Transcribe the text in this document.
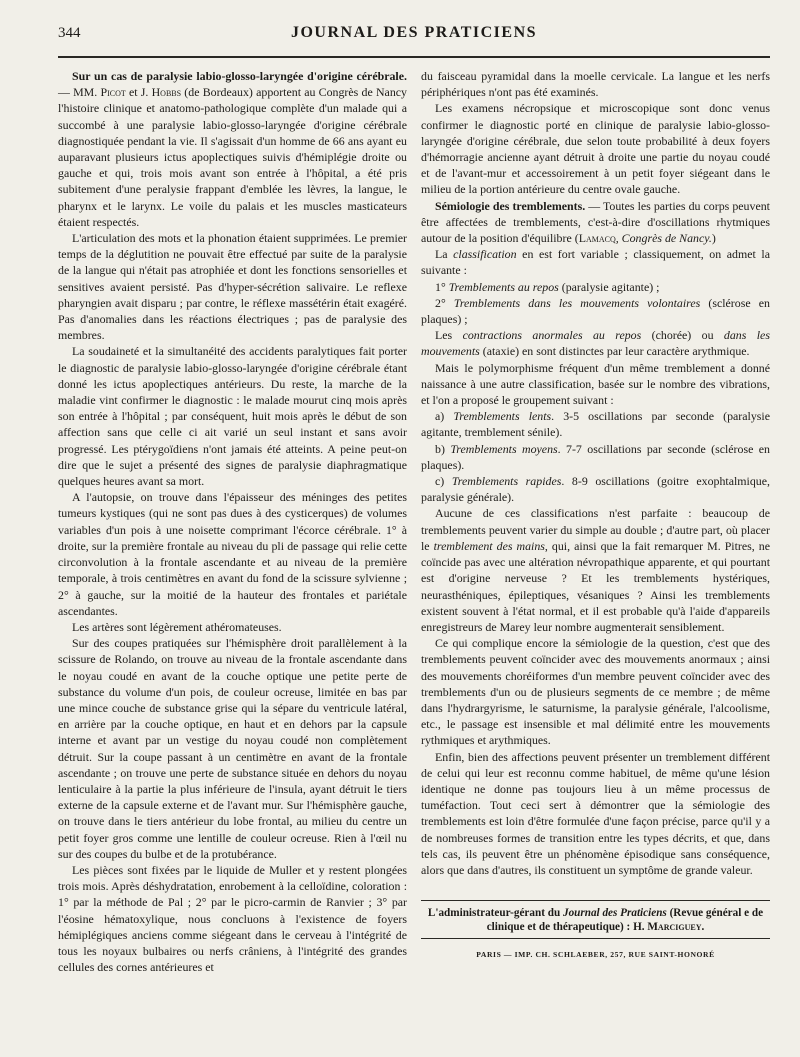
344	JOURNAL DES PRATICIENS

Sur un cas de paralysie labio-glosso-laryngée d'origine cérébrale. — MM. Picot et J. Hobbs (de Bordeaux) apportent au Congrès de Nancy l'histoire clinique et anatomo-pathologique complète d'un malade qui a succombé à une paralysie labio-glosso-laryngée d'origine cérébrale diagnostiquée pendant la vie. Il s'agissait d'un homme de 66 ans ayant eu auparavant plusieurs ictus apoplectiques suivis d'hémiplégie droite ou gauche et qui, trois mois avant son entrée à l'hôpital, a été pris subitement d'une peralysie frappant d'emblée les lèvres, la langue, le pharynx et le larynx. Le voile du palais et les muscles masticateurs étaient respectés.

L'articulation des mots et la phonation étaient supprimées. Le premier temps de la déglutition ne pouvait être effectué par suite de la paralysie de la langue qui n'était pas atrophiée et dont les fonctions sensorielles et sensitives avaient persisté. Pas d'hyper-sécrétion salivaire. Le reflexe pharyngien avait disparu ; par contre, le réflexe massétérin était exagéré. Pas d'anomalies dans les réactions électriques ; pas de paralysie des membres.

La soudaineté et la simultanéité des accidents paralytiques fait porter le diagnostic de paralysie labio-glosso-laryngée d'origine cérébrale étant donné les ictus apoplectiques antérieurs. Du reste, la marche de la maladie vint confirmer le diagnostic : le malade mourut cinq mois après son entrée à l'hôpital ; par conséquent, huit mois après le début de son affection sans que celle ci ait varié un seul instant et sans avoir progressé. Les ptérygoïdiens n'ont jamais été atteints. A peine peut-on dire que le sujet a présenté des signes de paralysie diaphragmatique quelques heures avant sa mort.

A l'autopsie, on trouve dans l'épaisseur des méninges des petites tumeurs kystiques (qui ne sont pas dues à des cysticerques) de volumes variables d'un pois à une noisette comprimant l'écorce cérébrale. 1° à droite, sur la première frontale au niveau du pli de passage qui relie cette circonvolution à la frontale ascendante et au niveau de la première temporale, à trois centimètres en avant du fond de la scissure sylvienne ; 2° à gauche, sur la moitié de la hauteur des frontales et pariétale ascendantes.

Les artères sont légèrement athéromateuses.

Sur des coupes pratiquées sur l'hémisphère droit parallèlement à la scissure de Rolando, on trouve au niveau de la frontale ascendante dans le noyau coudé en avant de la couche optique une petite perte de substance du volume d'un pois, de couleur ocreuse, limitée en bas par une mince couche de substance grise qui la sépare du ventricule latéral, en arrière par la couche optique, en haut et en dehors par la capsule interne et avant par un vestige du noyau coudé non complètement détruit. Sur la coupe passant à un centimètre en avant de la frontale ascendante ; on trouve une perte de substance située en dehors du noyau lenticulaire à la partie la plus inférieure de l'insula, ayant détruit le tiers externe de la capsule externe et de l'avant mur. Sur l'hémisphère gauche, on trouve dans le tiers antérieur du lobe frontal, au milieu du centre un petit foyer gros comme une lentille de couleur ocreuse. Rien à l'œil nu sur des coupes du bulbe et de la protubérance.

Les pièces sont fixées par le liquide de Muller et y restent plongées trois mois. Après déshydratation, enrobement à la celloïdine, coloration : 1° par la méthode de Pal ; 2° par le picro-carmin de Ranvier ; 3° par l'éosine hématoxylique, nous concluons à l'existence de foyers hémiplégiques anciens comme siégeant dans le cerveau à l'intégrité de tous les noyaux bulbaires ou nerfs crâniens, à l'intégrité des grandes cellules des cornes antérieures et

du faisceau pyramidal dans la moelle cervicale. La langue et les nerfs périphériques n'ont pas été examinés.

Les examens nécropsique et microscopique sont donc venus confirmer le diagnostic porté en clinique de paralysie labio-glosso-laryngée d'origine cérébrale, due selon toute probabilité à deux foyers d'hémorragie ancienne ayant détruit à droite une partie du noyau coudé et de l'avant-mur et accessoirement à un petit foyer siégeant dans le milieu de la portion antérieure du centre ovale gauche.

Sémiologie des tremblements. — Toutes les parties du corps peuvent être affectées de tremblements, c'est-à-dire d'oscillations rhytmiques autour de la position d'équilibre (Lamacq, Congrès de Nancy.)

La classification en est fort variable ; classiquement, on admet la suivante :

1° Tremblements au repos (paralysie agitante) ;

2° Tremblements dans les mouvements volontaires (sclérose en plaques) ;

Les contractions anormales au repos (chorée) ou dans les mouvements (ataxie) en sont distinctes par leur caractère arythmique.

Mais le polymorphisme fréquent d'un même tremblement a donné naissance à une autre classification, basée sur le nombre des vibrations, et l'on a proposé le groupement suivant :

a) Tremblements lents. 3-5 oscillations par seconde (paralysie agitante, tremblement sénile).

b) Tremblements moyens. 7-7 oscillations par seconde (sclérose en plaques).

c) Tremblements rapides. 8-9 oscillations (goitre exophtalmique, paralysie générale).

Aucune de ces classifications n'est parfaite : beaucoup de tremblements peuvent varier du simple au double ; d'autre part, où placer le tremblement des mains, qui, ainsi que la fait remarquer M. Pitres, ne coïncide pas avec une altération névropathique apparente, et qui pourtant est d'origine nerveuse ? Et les tremblements hystériques, neurasthéniques, épileptiques, vésaniques ? Ainsi les tremblements existent souvent à l'état normal, et il est probable qu'à l'aide d'appareils enregistreurs de Marey leur nombre augmenterait sensiblement.

Ce qui complique encore la sémiologie de la question, c'est que des tremblements peuvent coïncider avec des mouvements anormaux ; ainsi des mouvements choréiformes d'un membre peuvent coïncider avec des tremblements d'un ou de plusieurs segments de ce membre ; de même dans l'hydrargyrisme, le saturnisme, la paralysie générale, l'alcoolisme, etc., le passage est insensible et mal délimité entre les mouvements rythmiques et arythmiques.

Enfin, bien des affections peuvent présenter un tremblement différent de celui qui leur est reconnu comme habituel, de même qu'une lésion identique ne donne pas toujours lieu à un même processus de tuméfaction. Tout ceci sert à démontrer que la sémiologie des tremblements est loin d'être formulée d'une façon précise, parce qu'il y a de nombreuses formes de transition entre les types décrits, et que, dans tels cas, ils peuvent être un phénomène épisodique sans conséquence, alors que dans d'autres, ils constituent un symptôme de grande valeur.

L'administrateur-gérant du Journal des Praticiens (Revue général e de clinique et de thérapeutique) : H. Marciguey.
PARIS — IMP. CH. SCHLAEBER, 257, RUE SAINT-HONORÉ
